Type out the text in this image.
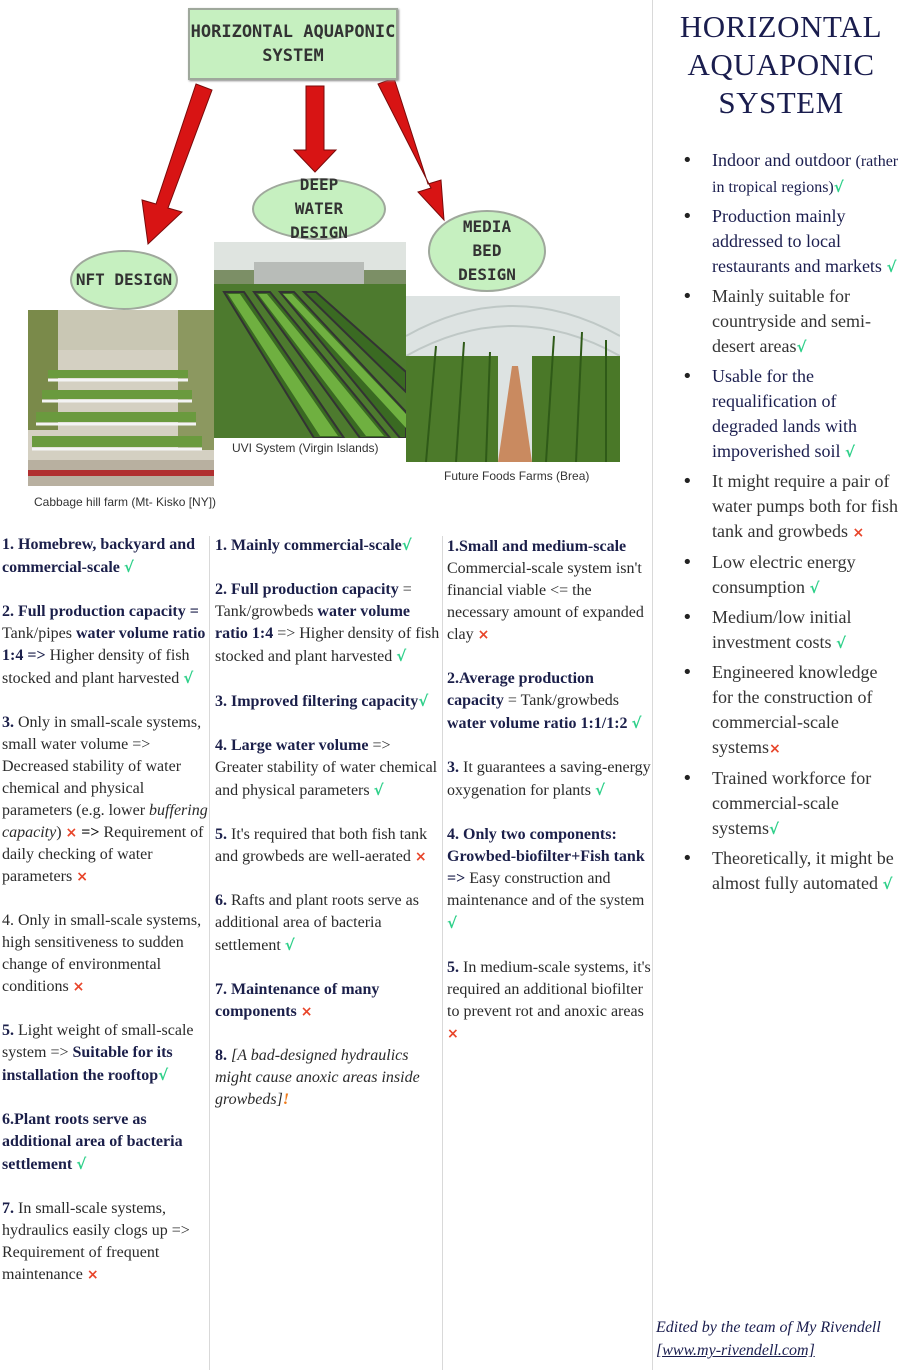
HORIZONTAL AQUAPONIC SYSTEM
NFT DESIGN
DEEP WATER DESIGN	MEDIA BED DESIGN
Cabbage hill farm (Mt- Kisko [NY])
UVI System (Virgin Islands)
Future Foods Farms (Brea)

1. Homebrew, backyard and commercial-scale √

2. Full production capacity = Tank/pipes water volume ratio 1:4 => Higher density of fish stocked and plant harvested √

3. Only in small-scale systems, small water volume => Decreased stability of water chemical and physical parameters (e.g. lower buffering capacity) × => Requirement of daily checking of water parameters ×

4. Only in small-scale systems, high sensitiveness to sudden change of environmental conditions ×

5. Light weight of small-scale system => Suitable for its installation the rooftop√

6.Plant roots serve as additional area of bacteria settlement √

7. In small-scale systems, hydraulics easily clogs up => Requirement of frequent maintenance ×

1. Mainly commercial-scale√

2. Full production capacity = Tank/growbeds water volume ratio 1:4 => Higher density of fish stocked and plant harvested √

3. Improved filtering capacity√

4. Large water volume => Greater stability of water chemical and physical parameters √

5. It's required that both fish tank and growbeds are well-aerated ×

6. Rafts and plant roots serve as additional area of bacteria settlement √

7. Maintenance of many components ×

8. [A bad-designed hydraulics might cause anoxic areas inside growbeds]!

1.Small and medium-scale Commercial-scale system isn't financial viable <= the necessary amount of expanded clay ×

2.Average production capacity = Tank/growbeds water volume ratio 1:1/1:2 √

3. It guarantees a saving-energy oxygenation for plants √

4. Only two components: Growbed-biofilter+Fish tank => Easy construction and maintenance and of the system √

5. In medium-scale systems, it's required an additional biofilter to prevent rot and anoxic areas ×

HORIZONTAL AQUAPONIC SYSTEM
• Indoor and outdoor (rather in tropical regions)√
• Production mainly addressed to local restaurants and markets √
• Mainly suitable for countryside and semi-desert areas√
• Usable for the requalification of degraded lands with impoverished soil √
• It might require a pair of water pumps both for fish tank and growbeds ×
• Low electric energy consumption √
• Medium/low initial investment costs √
• Engineered knowledge for the construction of commercial-scale systems×
• Trained workforce for commercial-scale systems√
• Theoretically, it might be almost fully automated √
Edited by the team of My Rivendell
[www.my-rivendell.com]
